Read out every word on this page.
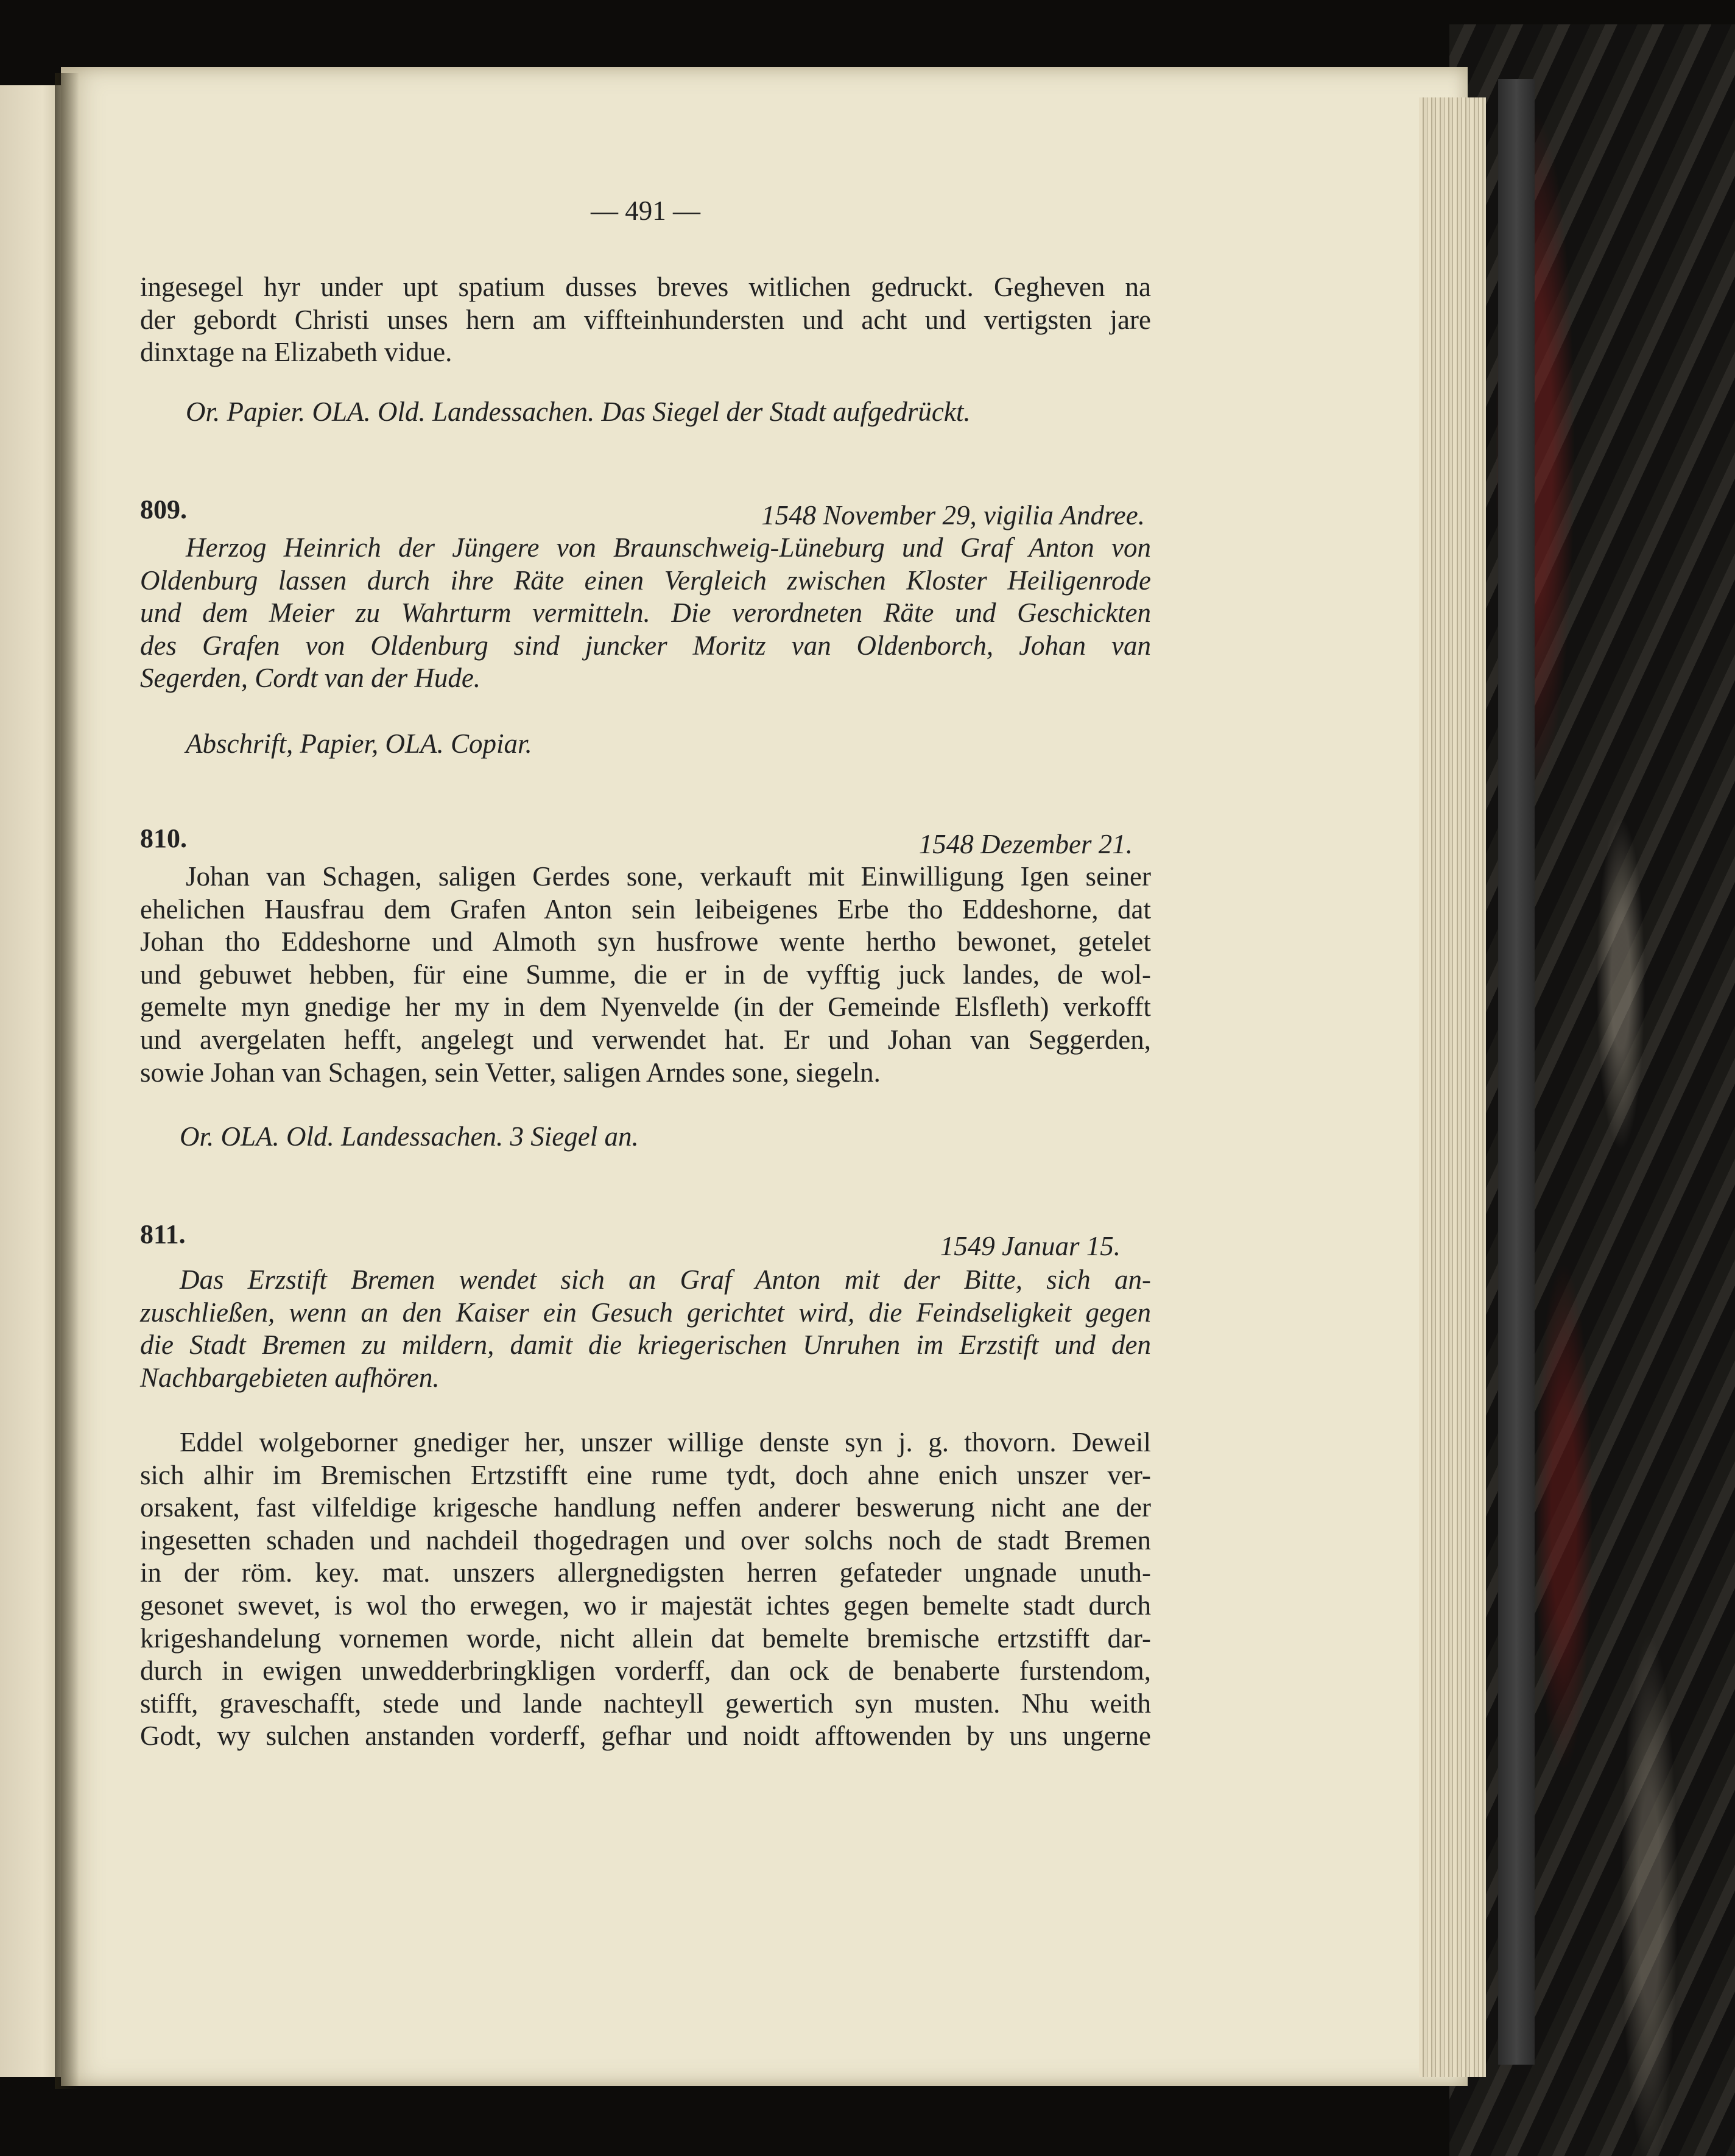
— 491 —
ingesegel hyr under upt spatium dusses breves witlichen gedruckt. Gegheven na
der gebordt Christi unses hern am viffteinhundersten und acht und vertigsten jare
dinxtage na Elizabeth vidue.
Or. Papier. OLA. Old. Landessachen. Das Siegel der Stadt aufgedrückt.
809.	1548 November 29, vigilia Andree.
Herzog Heinrich der Jüngere von Braunschweig-Lüneburg und Graf Anton von
Oldenburg lassen durch ihre Räte einen Vergleich zwischen Kloster Heiligenrode
und dem Meier zu Wahrturm vermitteln. Die verordneten Räte und Geschickten
des Grafen von Oldenburg sind juncker Moritz van Oldenborch, Johan van
Segerden, Cordt van der Hude.
Abschrift, Papier, OLA. Copiar.
810.	1548 Dezember 21.
Johan van Schagen, saligen Gerdes sone, verkauft mit Einwilligung Igen seiner
ehelichen Hausfrau dem Grafen Anton sein leibeigenes Erbe tho Eddeshorne, dat
Johan tho Eddeshorne und Almoth syn husfrowe wente hertho bewonet, getelet
und gebuwet hebben, für eine Summe, die er in de vyfftig juck landes, de wol-
gemelte myn gnedige her my in dem Nyenvelde (in der Gemeinde Elsfleth) verkofft
und avergelaten hefft, angelegt und verwendet hat. Er und Johan van Seggerden,
sowie Johan van Schagen, sein Vetter, saligen Arndes sone, siegeln.
Or. OLA. Old. Landessachen. 3 Siegel an.
811.	1549 Januar 15.
Das Erzstift Bremen wendet sich an Graf Anton mit der Bitte, sich an-
zuschließen, wenn an den Kaiser ein Gesuch gerichtet wird, die Feindseligkeit gegen
die Stadt Bremen zu mildern, damit die kriegerischen Unruhen im Erzstift und den
Nachbargebieten aufhören.
Eddel wolgeborner gnediger her, unszer willige denste syn j. g. thovorn. Deweil
sich alhir im Bremischen Ertzstifft eine rume tydt, doch ahne enich unszer ver-
orsakent, fast vilfeldige krigesche handlung neffen anderer beswerung nicht ane der
ingesetten schaden und nachdeil thogedragen und over solchs noch de stadt Bremen
in der röm. key. mat. unszers allergnedigsten herren gefateder ungnade unuth-
gesonet swevet, is wol tho erwegen, wo ir majestät ichtes gegen bemelte stadt durch
krigeshandelung vornemen worde, nicht allein dat bemelte bremische ertzstifft dar-
durch in ewigen unwedderbringkligen vorderff, dan ock de benaberte furstendom,
stifft, graveschafft, stede und lande nachteyll gewertich syn musten. Nhu weith
Godt, wy sulchen anstanden vorderff, gefhar und noidt afftowenden by uns ungerne
